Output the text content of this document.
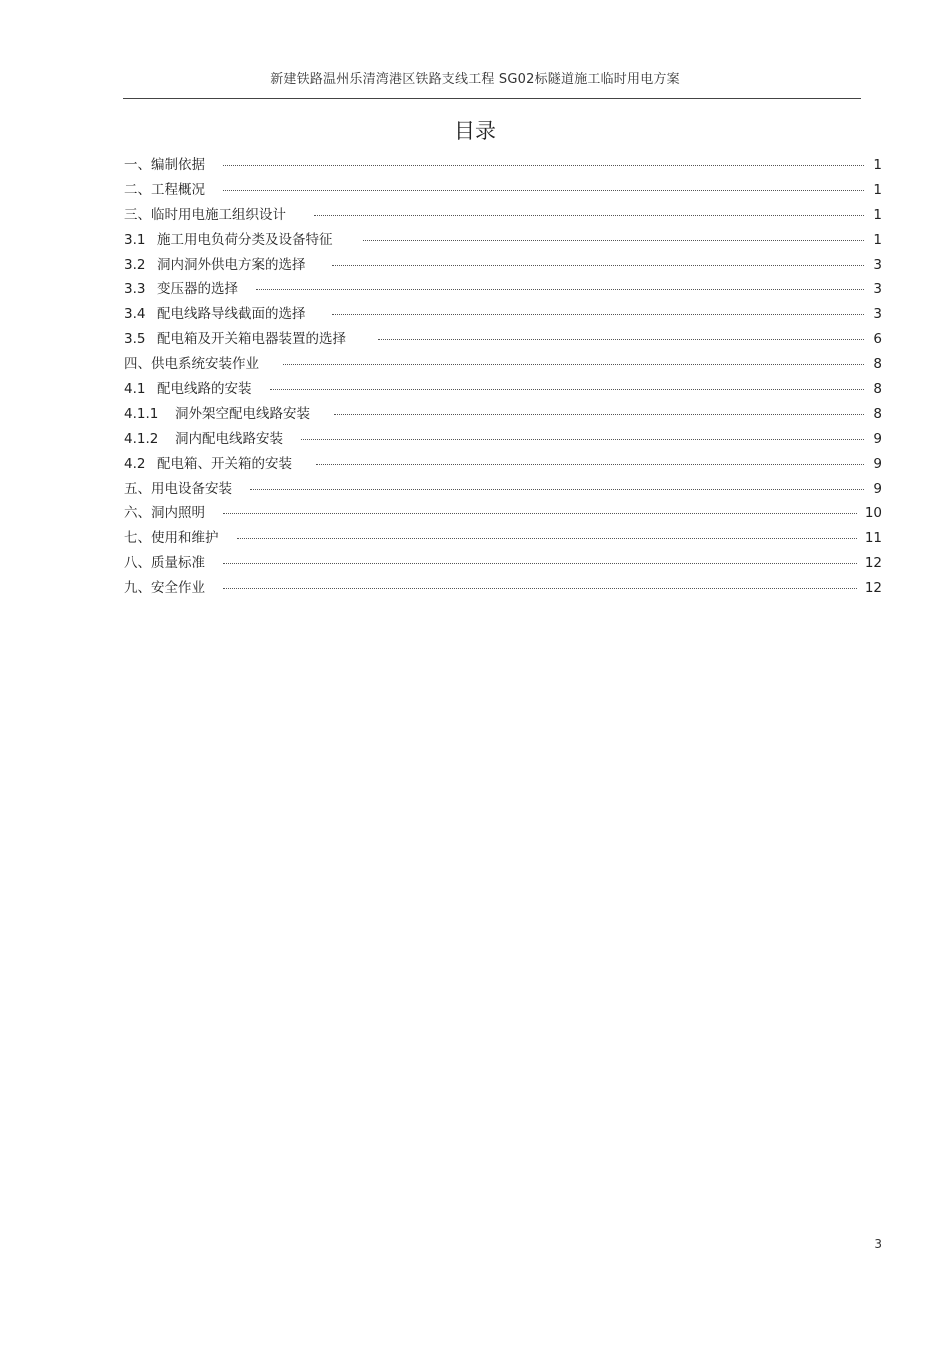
新建铁路温州乐清湾港区铁路支线工程 SG02标隧道施工临时用电方案
目录
一、编制依据	1
二、工程概况	1
三、临时用电施工组织设计	1
3.1 施工用电负荷分类及设备特征	1
3.2 洞内洞外供电方案的选择	3
3.3 变压器的选择	3
3.4 配电线路导线截面的选择	3
3.5 配电箱及开关箱电器装置的选择	6
四、供电系统安装作业	8
4.1 配电线路的安装	8
4.1.1	洞外架空配电线路安装	8
4.1.2	洞内配电线路安装	9
4.2 配电箱、开关箱的安装	9
五、用电设备安装	9
六、洞内照明	10
七、使用和维护	11
八、质量标准	12
九、安全作业	12
3
